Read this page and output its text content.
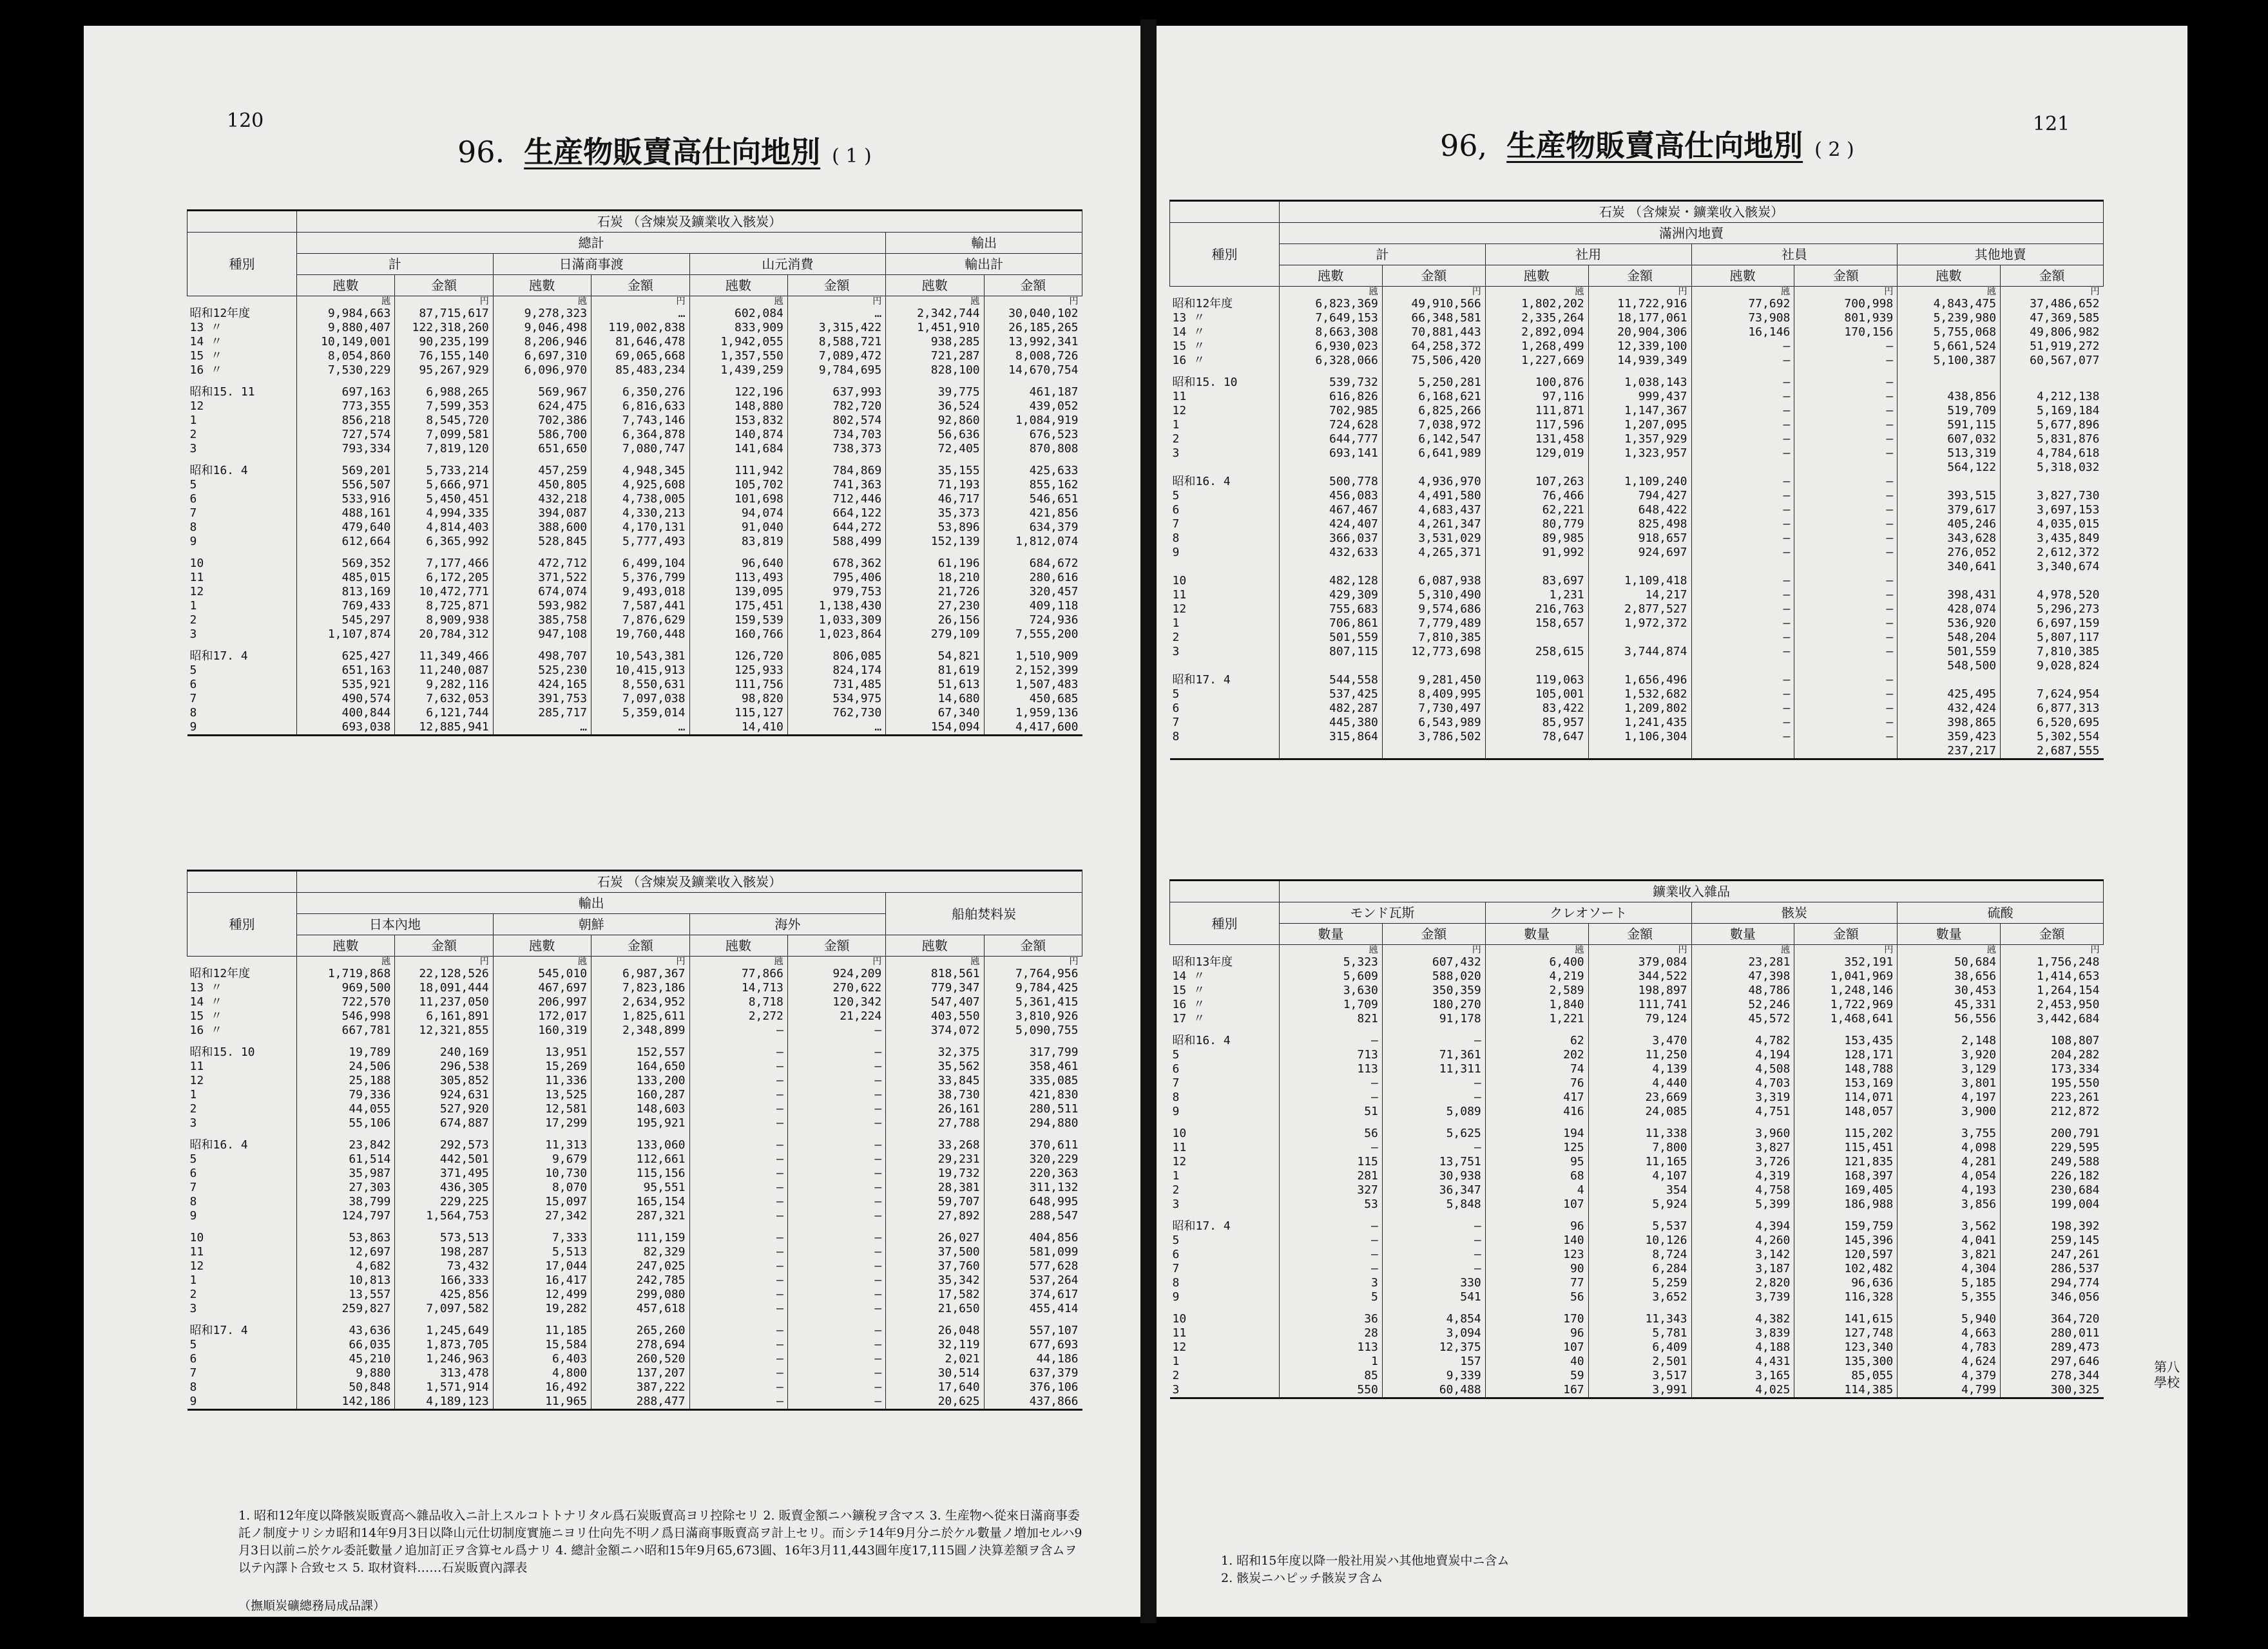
120
96. 生産物販賣高仕向地別 ( 1 )
	石炭 （含煉炭及鑛業收入骸炭）							
種別	總計						輸出	
	計		日滿商事渡		山元消費		輸出計	
	瓲數	金額	瓲數	金額	瓲數	金額	瓲數	金額
	瓲	円	瓲	円	瓲	円	瓲	円
昭和12年度	9,984,663	87,715,617	9,278,323	…	602,084	…	2,342,744	30,040,102
13 〃	9,880,407	122,318,260	9,046,498	119,002,838	833,909	3,315,422	1,451,910	26,185,265
14 〃	10,149,001	90,235,199	8,206,946	81,646,478	1,942,055	8,588,721	938,285	13,992,341
15 〃	8,054,860	76,155,140	6,697,310	69,065,668	1,357,550	7,089,472	721,287	8,008,726
16 〃	7,530,229	95,267,929	6,096,970	85,483,234	1,439,259	9,784,695	828,100	14,670,754

昭和15. 11	697,163	6,988,265	569,967	6,350,276	122,196	637,993	39,775	461,187
12	773,355	7,599,353	624,475	6,816,633	148,880	782,720	36,524	439,052
1	856,218	8,545,720	702,386	7,743,146	153,832	802,574	92,860	1,084,919
2	727,574	7,099,581	586,700	6,364,878	140,874	734,703	56,636	676,523
3	793,334	7,819,120	651,650	7,080,747	141,684	738,373	72,405	870,808

昭和16. 4	569,201	5,733,214	457,259	4,948,345	111,942	784,869	35,155	425,633
5	556,507	5,666,971	450,805	4,925,608	105,702	741,363	71,193	855,162
6	533,916	5,450,451	432,218	4,738,005	101,698	712,446	46,717	546,651
7	488,161	4,994,335	394,087	4,330,213	94,074	664,122	35,373	421,856
8	479,640	4,814,403	388,600	4,170,131	91,040	644,272	53,896	634,379
9	612,664	6,365,992	528,845	5,777,493	83,819	588,499	152,139	1,812,074

10	569,352	7,177,466	472,712	6,499,104	96,640	678,362	61,196	684,672
11	485,015	6,172,205	371,522	5,376,799	113,493	795,406	18,210	280,616
12	813,169	10,472,771	674,074	9,493,018	139,095	979,753	21,726	320,457
1	769,433	8,725,871	593,982	7,587,441	175,451	1,138,430	27,230	409,118
2	545,297	8,909,938	385,758	7,876,629	159,539	1,033,309	26,156	724,936
3	1,107,874	20,784,312	947,108	19,760,448	160,766	1,023,864	279,109	7,555,200

昭和17. 4	625,427	11,349,466	498,707	10,543,381	126,720	806,085	54,821	1,510,909
5	651,163	11,240,087	525,230	10,415,913	125,933	824,174	81,619	2,152,399
6	535,921	9,282,116	424,165	8,550,631	111,756	731,485	51,613	1,507,483
7	490,574	7,632,053	391,753	7,097,038	98,820	534,975	14,680	450,685
8	400,844	6,121,744	285,717	5,359,014	115,127	762,730	67,340	1,959,136
9	693,038	12,885,941	…	…	14,410	…	154,094	4,417,600
	石炭 （含煉炭及鑛業收入骸炭）							
種別	輸出						船舶焚料炭	
	日本內地		朝鮮		海外			
	瓲數	金額	瓲數	金額	瓲數	金額	瓲數	金額
	瓲	円	瓲	円	瓲	円	瓲	円
昭和12年度	1,719,868	22,128,526	545,010	6,987,367	77,866	924,209	818,561	7,764,956
13 〃	969,500	18,091,444	467,697	7,823,186	14,713	270,622	779,347	9,784,425
14 〃	722,570	11,237,050	206,997	2,634,952	8,718	120,342	547,407	5,361,415
15 〃	546,998	6,161,891	172,017	1,825,611	2,272	21,224	403,550	3,810,926
16 〃	667,781	12,321,855	160,319	2,348,899	—	—	374,072	5,090,755

昭和15. 10	19,789	240,169	13,951	152,557	—	—	32,375	317,799
11	24,506	296,538	15,269	164,650	—	—	35,562	358,461
12	25,188	305,852	11,336	133,200	—	—	33,845	335,085
1	79,336	924,631	13,525	160,287	—	—	38,730	421,830
2	44,055	527,920	12,581	148,603	—	—	26,161	280,511
3	55,106	674,887	17,299	195,921	—	—	27,788	294,880

昭和16. 4	23,842	292,573	11,313	133,060	—	—	33,268	370,611
5	61,514	442,501	9,679	112,661	—	—	29,231	320,229
6	35,987	371,495	10,730	115,156	—	—	19,732	220,363
7	27,303	436,305	8,070	95,551	—	—	28,381	311,132
8	38,799	229,225	15,097	165,154	—	—	59,707	648,995
9	124,797	1,564,753	27,342	287,321	—	—	27,892	288,547

10	53,863	573,513	7,333	111,159	—	—	26,027	404,856
11	12,697	198,287	5,513	82,329	—	—	37,500	581,099
12	4,682	73,432	17,044	247,025	—	—	37,760	577,628
1	10,813	166,333	16,417	242,785	—	—	35,342	537,264
2	13,557	425,856	12,499	299,080	—	—	17,582	374,617
3	259,827	7,097,582	19,282	457,618	—	—	21,650	455,414

昭和17. 4	43,636	1,245,649	11,185	265,260	—	—	26,048	557,107
5	66,035	1,873,705	15,584	278,694	—	—	32,119	677,693
6	45,210	1,246,963	6,403	260,520	—	—	2,021	44,186
7	9,880	313,478	4,800	137,207	—	—	30,514	637,379
8	50,848	1,571,914	16,492	387,222	—	—	17,640	376,106
9	142,186	4,189,123	11,965	288,477	—	—	20,625	437,866
1. 昭和12年度以降骸炭販賣高ヘ雜品收入ニ計上スルコトトナリタル爲石炭販賣高ヨリ控除セリ 2. 販賣金額ニハ鑛稅ヲ含マス 3. 生産物ヘ從來日滿商事委託ノ制度ナリシカ昭和14年9月3日以降山元仕切制度實施ニヨリ仕向先不明ノ爲日滿商事販賣高ヲ計上セリ。而シテ14年9月分ニ於ケル數量ノ増加セルハ9月3日以前ニ於ケル委託數量ノ追加訂正ヲ含算セル爲ナリ 4. 總計金額ニハ昭和15年9月65,673圓、16年3月11,443圓年度17,115圓ノ決算差額ヲ含ムヲ以テ內譯ト合致セス 5. 取材資料……石炭販賣內譯表
（撫順炭礦總務局成品課）
121
96, 生産物販賣高仕向地別 ( 2 )
	石炭 （含煉炭・鑛業收入骸炭）							
種別	滿洲內地賣							
	計		社用		社員		其他地賣	
	瓲數	金額	瓲數	金額	瓲數	金額	瓲數	金額
	瓲	円	瓲	円	瓲	円	瓲	円
昭和12年度	6,823,369	49,910,566	1,802,202	11,722,916	77,692	700,998	4,843,475	37,486,652
13 〃	7,649,153	66,348,581	2,335,264	18,177,061	73,908	801,939	5,239,980	47,369,585
14 〃	8,663,308	70,881,443	2,892,094	20,904,306	16,146	170,156	5,755,068	49,806,982
15 〃	6,930,023	64,258,372	1,268,499	12,339,100	—	—	5,661,524	51,919,272
16 〃	6,328,066	75,506,420	1,227,669	14,939,349	—	—	5,100,387	60,567,077

昭和15. 10	539,732	5,250,281	100,876	1,038,143	—	—		
11	616,826	6,168,621	97,116	999,437	—	—	438,856	4,212,138
12	702,985	6,825,266	111,871	1,147,367	—	—	519,709	5,169,184
1	724,628	7,038,972	117,596	1,207,095	—	—	591,115	5,677,896
2	644,777	6,142,547	131,458	1,357,929	—	—	607,032	5,831,876
3	693,141	6,641,989	129,019	1,323,957	—	—	513,319	4,784,618
							564,122	5,318,032
昭和16. 4	500,778	4,936,970	107,263	1,109,240	—	—		
5	456,083	4,491,580	76,466	794,427	—	—	393,515	3,827,730
6	467,467	4,683,437	62,221	648,422	—	—	379,617	3,697,153
7	424,407	4,261,347	80,779	825,498	—	—	405,246	4,035,015
8	366,037	3,531,029	89,985	918,657	—	—	343,628	3,435,849
9	432,633	4,265,371	91,992	924,697	—	—	276,052	2,612,372
							340,641	3,340,674
10	482,128	6,087,938	83,697	1,109,418	—	—		
11	429,309	5,310,490	1,231	14,217	—	—	398,431	4,978,520
12	755,683	9,574,686	216,763	2,877,527	—	—	428,074	5,296,273
1	706,861	7,779,489	158,657	1,972,372	—	—	536,920	6,697,159
2	501,559	7,810,385			—	—	548,204	5,807,117
3	807,115	12,773,698	258,615	3,744,874	—	—	501,559	7,810,385
							548,500	9,028,824
昭和17. 4	544,558	9,281,450	119,063	1,656,496	—	—		
5	537,425	8,409,995	105,001	1,532,682	—	—	425,495	7,624,954
6	482,287	7,730,497	83,422	1,209,802	—	—	432,424	6,877,313
7	445,380	6,543,989	85,957	1,241,435	—	—	398,865	6,520,695
8	315,864	3,786,502	78,647	1,106,304	—	—	359,423	5,302,554
							237,217	2,687,555
	鑛業收入雜品							
種別	モンド瓦斯		クレオソート		骸炭		硫酸	
	數量	金額	數量	金額	數量	金額	數量	金額
	瓲	円	瓲	円	瓲	円	瓲	円
昭和13年度	5,323	607,432	6,400	379,084	23,281	352,191	50,684	1,756,248
14 〃	5,609	588,020	4,219	344,522	47,398	1,041,969	38,656	1,414,653
15 〃	3,630	350,359	2,589	198,897	48,786	1,248,146	30,453	1,264,154
16 〃	1,709	180,270	1,840	111,741	52,246	1,722,969	45,331	2,453,950
17 〃	821	91,178	1,221	79,124	45,572	1,468,641	56,556	3,442,684

昭和16. 4	—	—	62	3,470	4,782	153,435	2,148	108,807
5	713	71,361	202	11,250	4,194	128,171	3,920	204,282
6	113	11,311	74	4,139	4,508	148,788	3,129	173,334
7	—	—	76	4,440	4,703	153,169	3,801	195,550
8	—	—	417	23,669	3,319	114,071	4,197	223,261
9	51	5,089	416	24,085	4,751	148,057	3,900	212,872

10	56	5,625	194	11,338	3,960	115,202	3,755	200,791
11	—	—	125	7,800	3,827	115,451	4,098	229,595
12	115	13,751	95	11,165	3,726	121,835	4,281	249,588
1	281	30,938	68	4,107	4,319	168,397	4,054	226,182
2	327	36,347	4	354	4,758	169,405	4,193	230,684
3	53	5,848	107	5,924	5,399	186,988	3,856	199,004

昭和17. 4	—	—	96	5,537	4,394	159,759	3,562	198,392
5	—	—	140	10,126	4,260	145,396	4,041	259,145
6	—	—	123	8,724	3,142	120,597	3,821	247,261
7	—	—	90	6,284	3,187	102,482	4,304	286,537
8	3	330	77	5,259	2,820	96,636	5,185	294,774
9	5	541	56	3,652	3,739	116,328	5,355	346,056

10	36	4,854	170	11,343	4,382	141,615	5,940	364,720
11	28	3,094	96	5,781	3,839	127,748	4,663	280,011
12	113	12,375	107	6,409	4,188	123,340	4,783	289,473
1	1	157	40	2,501	4,431	135,300	4,624	297,646
2	85	9,339	59	3,517	3,165	85,055	4,379	278,344
3	550	60,488	167	3,991	4,025	114,385	4,799	300,325
1. 昭和15年度以降一般社用炭ハ其他地賣炭中ニ含ム
2. 骸炭ニハピッチ骸炭ヲ含ム
第八 學校
